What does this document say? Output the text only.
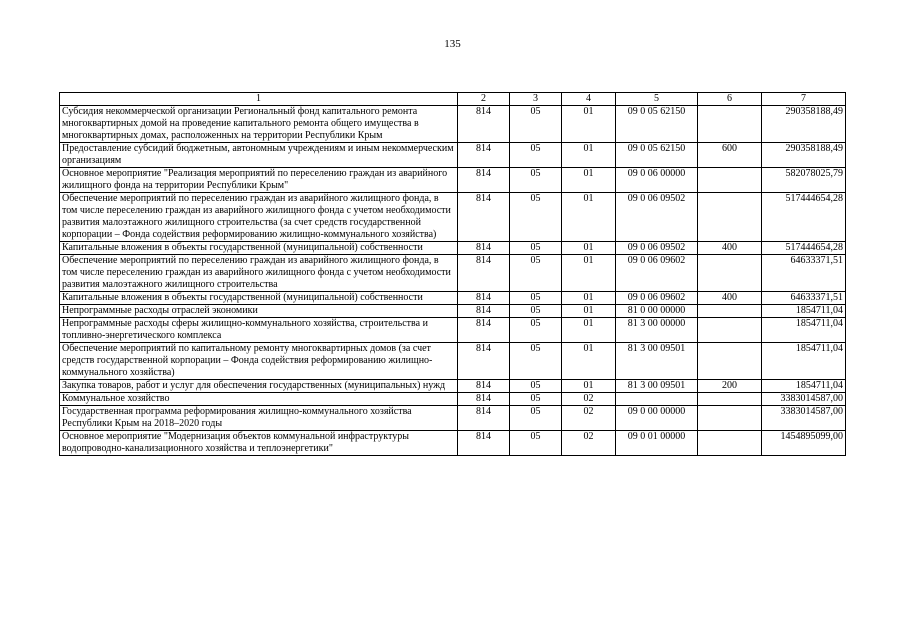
135
1	2	3	4	5	6	7
Субсидия некоммерческой организации Региональный фонд капитального ремонта многоквартирных домой на проведение капитального ремонта общего имущества в многоквартирных домах, расположенных на территории Республики Крым	814	05	01	09 0 05 62150		290358188,49
Предоставление субсидий бюджетным, автономным учреждениям и иным некоммерческим организациям	814	05	01	09 0 05 62150	600	290358188,49
Основное мероприятие "Реализация мероприятий по переселению граждан из аварийного жилищного фонда на территории Республики Крым"	814	05	01	09 0 06 00000		582078025,79
Обеспечение мероприятий по переселению граждан из аварийного жилищного фонда, в том числе переселению граждан из аварийного жилищного фонда с учетом необходимости развития малоэтажного жилищного строительства (за счет средств государственной корпорации – Фонда содействия реформированию жилищно-коммунального хозяйства)	814	05	01	09 0 06 09502		517444654,28
Капитальные вложения в объекты государственной (муниципальной) собственности	814	05	01	09 0 06 09502	400	517444654,28
Обеспечение мероприятий по переселению граждан из аварийного жилищного фонда, в том числе переселению граждан из аварийного жилищного фонда с учетом необходимости развития малоэтажного жилищного строительства	814	05	01	09 0 06 09602		64633371,51
Капитальные вложения в объекты государственной (муниципальной) собственности	814	05	01	09 0 06 09602	400	64633371,51
Непрограммные расходы отраслей экономики	814	05	01	81 0 00 00000		1854711,04
Непрограммные расходы сферы жилищно-коммунального хозяйства, строительства и топливно-энергетического комплекса	814	05	01	81 3 00 00000		1854711,04
Обеспечение мероприятий по капитальному ремонту многоквартирных домов (за счет средств государственной корпорации – Фонда содействия реформированию жилищно-коммунального хозяйства)	814	05	01	81 3 00 09501		1854711,04
Закупка товаров, работ и услуг для обеспечения государственных (муниципальных) нужд	814	05	01	81 3 00 09501	200	1854711,04
Коммунальное хозяйство	814	05	02			3383014587,00
Государственная программа реформирования жилищно-коммунального хозяйства Республики Крым на 2018–2020 годы	814	05	02	09 0 00 00000		3383014587,00
Основное мероприятие "Модернизация объектов коммунальной инфраструктуры водопроводно-канализационного хозяйства и теплоэнергетики"	814	05	02	09 0 01 00000		1454895099,00
